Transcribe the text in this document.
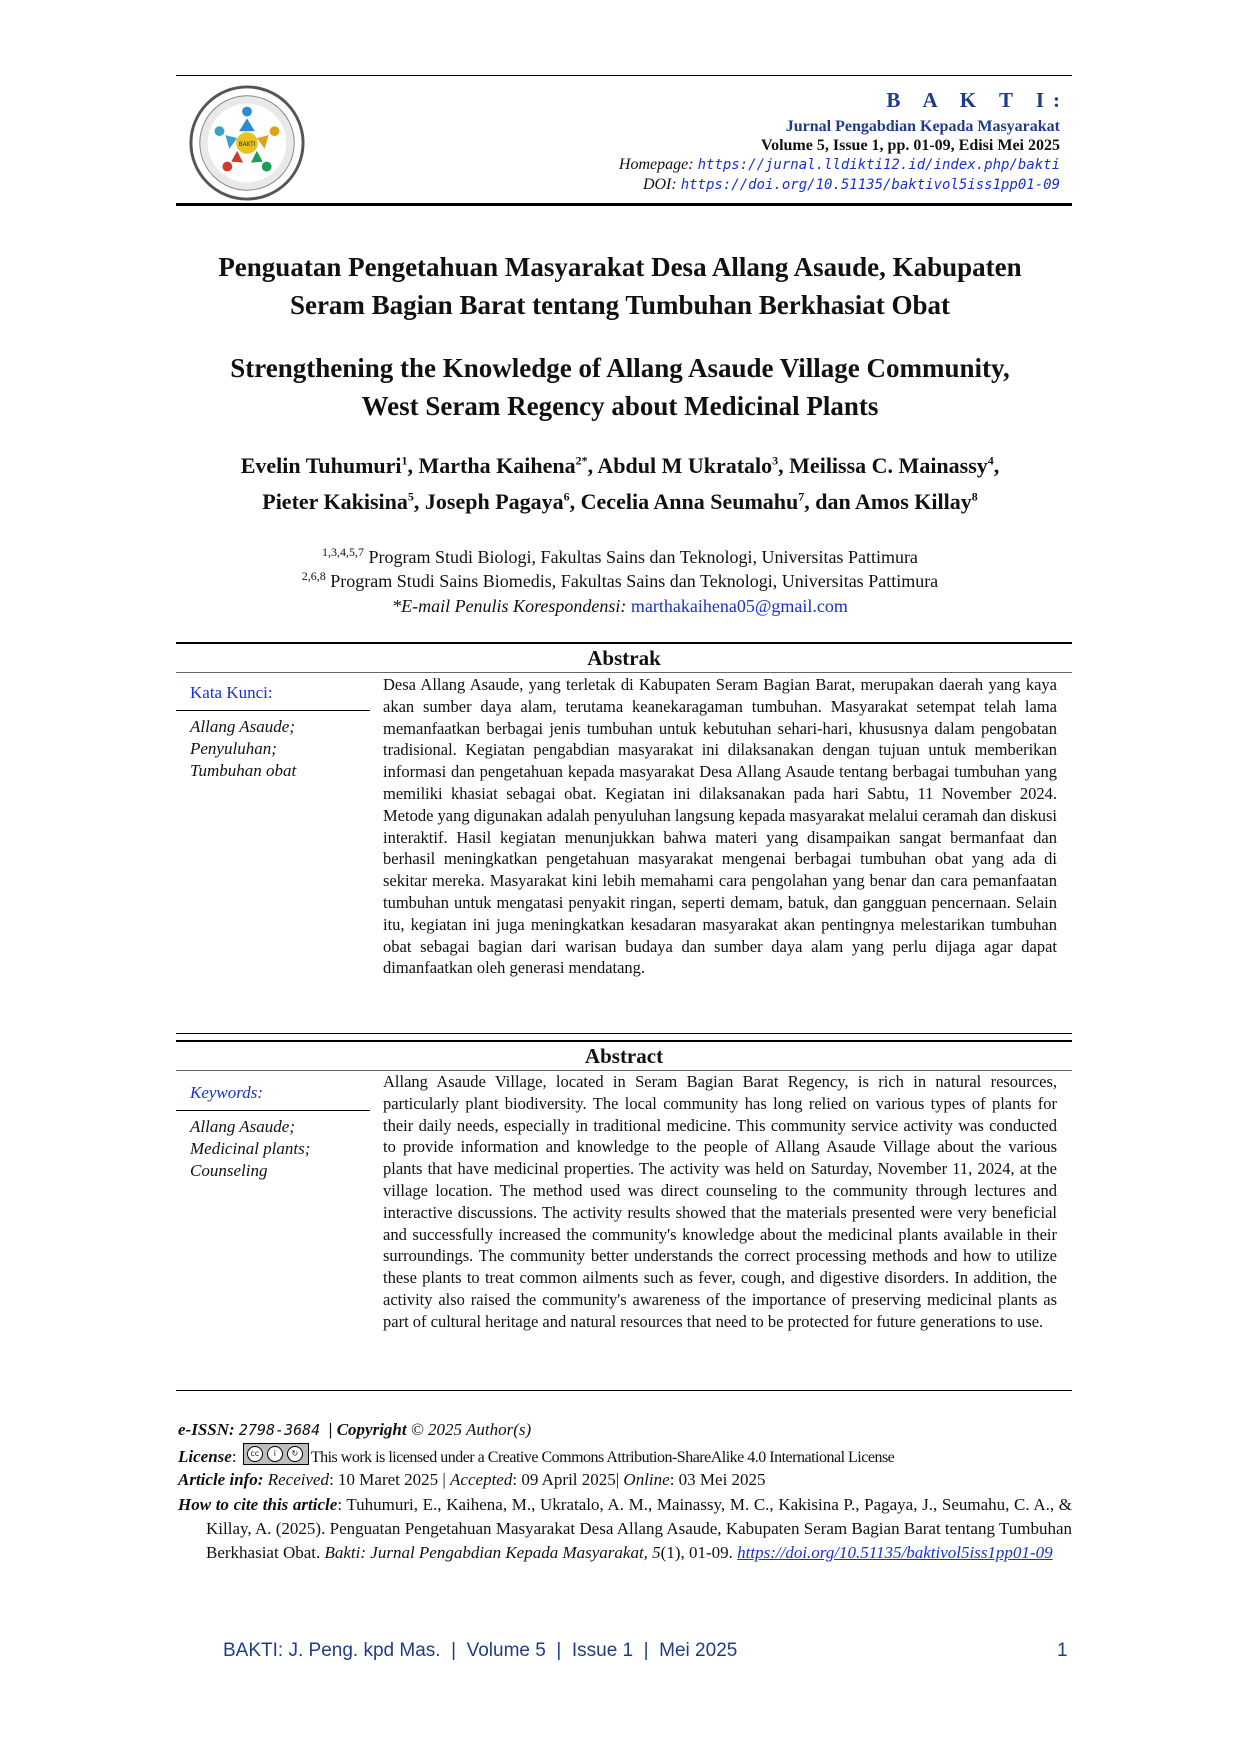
BAKTI
B A K T I:
Jurnal Pengabdian Kepada Masyarakat
Volume 5, Issue 1, pp. 01-09, Edisi Mei 2025
Homepage: https://jurnal.lldikti12.id/index.php/bakti
DOI: https://doi.org/10.51135/baktivol5iss1pp01-09
Penguatan Pengetahuan Masyarakat Desa Allang Asaude, Kabupaten
Seram Bagian Barat tentang Tumbuhan Berkhasiat Obat
Strengthening the Knowledge of Allang Asaude Village Community,
West Seram Regency about Medicinal Plants
Evelin Tuhumuri$^1$, Martha Kaihena$^{2*}$, Abdul M Ukratalo$^3$, Meilissa C. Mainassy$^4$,
Pieter Kakisina$^5$, Joseph Pagaya$^6$, Cecelia Anna Seumahu$^7$, dan Amos Killay$^8$
$^{1,3,4,5,7}$ Program Studi Biologi, Fakultas Sains dan Teknologi, Universitas Pattimura
$^{2,6,8}$ Program Studi Sains Biomedis, Fakultas Sains dan Teknologi, Universitas Pattimura
*E-mail Penulis Korespondensi: marthakaihena05@gmail.com
Abstrak
Kata Kunci:
Allang Asaude;
Penyuluhan;
Tumbuhan obat
Desa Allang Asaude, yang terletak di Kabupaten Seram Bagian Barat, merupakan daerah yang kaya akan sumber daya alam, terutama keanekaragaman tumbuhan. Masyarakat setempat telah lama memanfaatkan berbagai jenis tumbuhan untuk kebutuhan sehari-hari, khususnya dalam pengobatan tradisional. Kegiatan pengabdian masyarakat ini dilaksanakan dengan tujuan untuk memberikan informasi dan pengetahuan kepada masyarakat Desa Allang Asaude tentang berbagai tumbuhan yang memiliki khasiat sebagai obat. Kegiatan ini dilaksanakan pada hari Sabtu, 11 November 2024. Metode yang digunakan adalah penyuluhan langsung kepada masyarakat melalui ceramah dan diskusi interaktif. Hasil kegiatan menunjukkan bahwa materi yang disampaikan sangat bermanfaat dan berhasil meningkatkan pengetahuan masyarakat mengenai berbagai tumbuhan obat yang ada di sekitar mereka. Masyarakat kini lebih memahami cara pengolahan yang benar dan cara pemanfaatan tumbuhan untuk mengatasi penyakit ringan, seperti demam, batuk, dan gangguan pencernaan. Selain itu, kegiatan ini juga meningkatkan kesadaran masyarakat akan pentingnya melestarikan tumbuhan obat sebagai bagian dari warisan budaya dan sumber daya alam yang perlu dijaga agar dapat dimanfaatkan oleh generasi mendatang.
Abstract
Keywords:
Allang Asaude;
Medicinal plants;
Counseling
Allang Asaude Village, located in Seram Bagian Barat Regency, is rich in natural resources, particularly plant biodiversity. The local community has long relied on various types of plants for their daily needs, especially in traditional medicine. This community service activity was conducted to provide information and knowledge to the people of Allang Asaude Village about the various plants that have medicinal properties. The activity was held on Saturday, November 11, 2024, at the village location. The method used was direct counseling to the community through lectures and interactive discussions. The activity results showed that the materials presented were very beneficial and successfully increased the community's knowledge about the medicinal plants available in their surroundings. The community better understands the correct processing methods and how to utilize these plants to treat common ailments such as fever, cough, and digestive disorders. In addition, the activity also raised the community's awareness of the importance of preserving medicinal plants as part of cultural heritage and natural resources that need to be protected for future generations to use.
e-ISSN: 2798-3684 | Copyright © 2025 Author(s)
License:	cc	i	↻ This work is licensed under a Creative Commons Attribution-ShareAlike 4.0 International License
Article info: Received: 10 Maret 2025 | Accepted: 09 April 2025| Online: 03 Mei 2025
How to cite this article: Tuhumuri, E., Kaihena, M., Ukratalo, A. M., Mainassy, M. C., Kakisina P., Pagaya, J., Seumahu, C. A., & Killay, A. (2025). Penguatan Pengetahuan Masyarakat Desa Allang Asaude, Kabupaten Seram Bagian Barat tentang Tumbuhan Berkhasiat Obat. Bakti: Jurnal Pengabdian Kepada Masyarakat, 5(1), 01-09. https://doi.org/10.51135/baktivol5iss1pp01-09
BAKTI: J. Peng. kpd Mas.  |  Volume 5  |  Issue 1  |  Mei 2025	1
